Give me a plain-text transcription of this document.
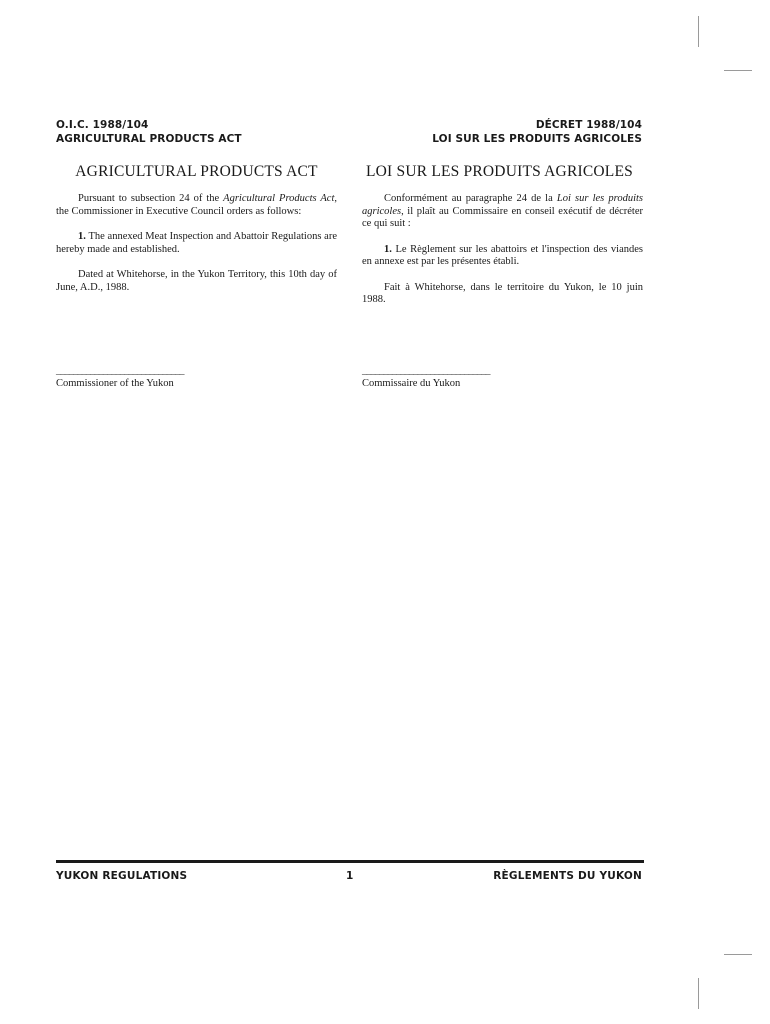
O.I.C. 1988/104
AGRICULTURAL PRODUCTS ACT
DÉCRET 1988/104
LOI SUR LES PRODUITS AGRICOLES
AGRICULTURAL PRODUCTS ACT

Pursuant to subsection 24 of the Agricultural Products Act, the Commissioner in Executive Council orders as follows:

1. The annexed Meat Inspection and Abattoir Regulations are hereby made and established.

Dated at Whitehorse, in the Yukon Territory, this 10th day of June, A.D., 1988.

LOI SUR LES PRODUITS AGRICOLES

Conformément au paragraphe 24 de la Loi sur les produits agricoles, il plaît au Commissaire en conseil exécutif de décréter ce qui suit :

1. Le Règlement sur les abattoirs et l'inspection des viandes en annexe est par les présentes établi.

Fait à Whitehorse, dans le territoire du Yukon, le 10 juin 1988.

______________________________
Commissioner of the Yukon
______________________________
Commissaire du Yukon
YUKON REGULATIONS	1	RÈGLEMENTS DU YUKON
